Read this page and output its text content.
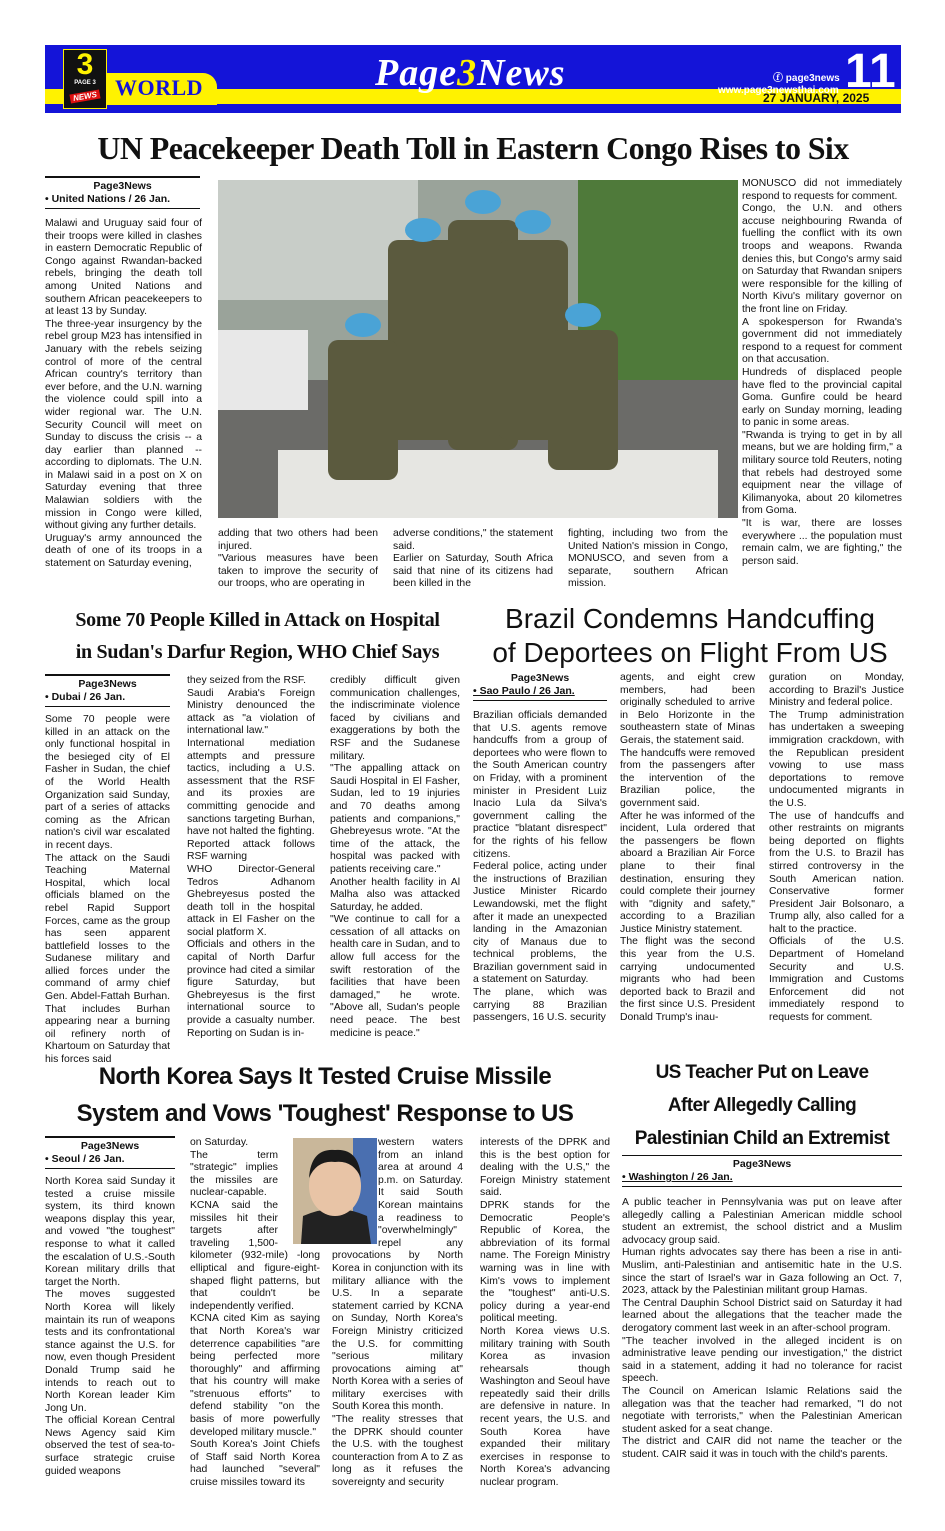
WORLD
3
PAGE 3
NEWS
Page3News	ⓕ page3news
www.page3newsthai.com 11
27 JANUARY, 2025
UN Peacekeeper Death Toll in Eastern Congo Rises to Six
Page3News
• United Nations / 26 Jan.

Malawi and Uruguay said four of their troops were killed in clashes in eastern Democratic Republic of Congo against Rwandan-backed rebels, bringing the death toll among United Nations and southern African peacekeepers to at least 13 by Sunday.

The three-year insurgency by the rebel group M23 has intensified in January with the rebels seizing control of more of the central African country's territory than ever before, and the U.N. warning the violence could spill into a wider regional war. The U.N. Security Council will meet on Sunday to discuss the crisis -- a day earlier than planned -- according to diplomats. The U.N. in Malawi said in a post on X on Saturday evening that three Malawian soldiers with the mission in Congo were killed, without giving any further details.

Uruguay's army announced the death of one of its troops in a statement on Saturday evening,

adding that two others had been injured.

"Various measures have been taken to improve the security of our troops, who are operating in

adverse conditions," the statement said.

Earlier on Saturday, South Africa said that nine of its citizens had been killed in the

fighting, including two from the United Nation's mission in Congo, MONUSCO, and seven from a separate, southern African mission.

MONUSCO did not immediately respond to requests for comment.

Congo, the U.N. and others accuse neighbouring Rwanda of fuelling the conflict with its own troops and weapons. Rwanda denies this, but Congo's army said on Saturday that Rwandan snipers were responsible for the killing of North Kivu's military governor on the front line on Friday.

A spokesperson for Rwanda's government did not immediately respond to a request for comment on that accusation.

Hundreds of displaced people have fled to the provincial capital Goma. Gunfire could be heard early on Sunday morning, leading to panic in some areas.

"Rwanda is trying to get in by all means, but we are holding firm," a military source told Reuters, noting that rebels had destroyed some equipment near the village of Kilimanyoka, about 20 kilometres from Goma.

"It is war, there are losses everywhere ... the population must remain calm, we are fighting," the person said.

Some 70 People Killed in Attack on Hospital
in Sudan's Darfur Region, WHO Chief Says
Page3News
• Dubai / 26 Jan.

Some 70 people were killed in an attack on the only functional hospital in the besieged city of El Fasher in Sudan, the chief of the World Health Organization said Sunday, part of a series of attacks coming as the African nation's civil war escalated in recent days.

The attack on the Saudi Teaching Maternal Hospital, which local officials blamed on the rebel Rapid Support Forces, came as the group has seen apparent battlefield losses to the Sudanese military and allied forces under the command of army chief Gen. Abdel-Fattah Burhan. That includes Burhan appearing near a burning oil refinery north of Khartoum on Saturday that his forces said

they seized from the RSF.

Saudi Arabia's Foreign Ministry denounced the attack as "a violation of international law."

International mediation attempts and pressure tactics, including a U.S. assessment that the RSF and its proxies are committing genocide and sanctions targeting Burhan, have not halted the fighting.

Reported attack follows RSF warning

WHO Director-General Tedros Adhanom Ghebreyesus posted the death toll in the hospital attack in El Fasher on the social platform X.

Officials and others in the capital of North Darfur province had cited a similar figure Saturday, but Ghebreyesus is the first international source to provide a casualty number. Reporting on Sudan is in-

credibly difficult given communication challenges, the indiscriminate violence faced by civilians and exaggerations by both the RSF and the Sudanese military.

"The appalling attack on Saudi Hospital in El Fasher, Sudan, led to 19 injuries and 70 deaths among patients and companions," Ghebreyesus wrote. "At the time of the attack, the hospital was packed with patients receiving care."

Another health facility in Al Malha also was attacked Saturday, he added.

"We continue to call for a cessation of all attacks on health care in Sudan, and to allow full access for the swift restoration of the facilities that have been damaged," he wrote. "Above all, Sudan's people need peace. The best medicine is peace."

Brazil Condemns Handcuffing
of Deportees on Flight From US
Page3News
• Sao Paulo / 26 Jan.

Brazilian officials demanded that U.S. agents remove handcuffs from a group of deportees who were flown to the South American country on Friday, with a prominent minister in President Luiz Inacio Lula da Silva's government calling the practice "blatant disrespect" for the rights of his fellow citizens.

Federal police, acting under the instructions of Brazilian Justice Minister Ricardo Lewandowski, met the flight after it made an unexpected landing in the Amazonian city of Manaus due to technical problems, the Brazilian government said in a statement on Saturday.

The plane, which was carrying 88 Brazilian passengers, 16 U.S. security

agents, and eight crew members, had been originally scheduled to arrive in Belo Horizonte in the southeastern state of Minas Gerais, the statement said.

The handcuffs were removed from the passengers after the intervention of the Brazilian police, the government said.

After he was informed of the incident, Lula ordered that the passengers be flown aboard a Brazilian Air Force plane to their final destination, ensuring they could complete their journey with "dignity and safety," according to a Brazilian Justice Ministry statement.

The flight was the second this year from the U.S. carrying undocumented migrants who had been deported back to Brazil and the first since U.S. President Donald Trump's inau-

guration on Monday, according to Brazil's Justice Ministry and federal police.

The Trump administration has undertaken a sweeping immigration crackdown, with the Republican president vowing to use mass deportations to remove undocumented migrants in the U.S.

The use of handcuffs and other restraints on migrants being deported on flights from the U.S. to Brazil has stirred controversy in the South American nation. Conservative former President Jair Bolsonaro, a Trump ally, also called for a halt to the practice.

Officials of the U.S. Department of Homeland Security and U.S. Immigration and Customs Enforcement did not immediately respond to requests for comment.

North Korea Says It Tested Cruise Missile
System and Vows 'Toughest' Response to US
Page3News
• Seoul / 26 Jan.

North Korea said Sunday it tested a cruise missile system, its third known weapons display this year, and vowed "the toughest" response to what it called the escalation of U.S.-South Korean military drills that target the North.

The moves suggested North Korea will likely maintain its run of weapons tests and its confrontational stance against the U.S. for now, even though President Donald Trump said he intends to reach out to North Korean leader Kim Jong Un.

The official Korean Central News Agency said Kim observed the test of sea-to-surface strategic cruise guided weapons

on Saturday.

The term "strategic" implies the missiles are nuclear-capable. KCNA said the missiles hit their targets after traveling 1,500-kilometer (932-mile) -long elliptical and figure-eight-shaped flight patterns, but that couldn't be independently verified.

KCNA cited Kim as saying that North Korea's war deterrence capabilities "are being perfected more thoroughly" and affirming that his country will make "strenuous efforts" to defend stability "on the basis of more powerfully developed military muscle."

South Korea's Joint Chiefs of Staff said North Korea had launched "several" cruise missiles toward its

western waters from an inland area at around 4 p.m. on Saturday. It said South Korean maintains a readiness to "overwhelmingly" repel any provocations by North Korea in conjunction with its military alliance with the U.S. In a separate statement carried by KCNA on Sunday, North Korea's Foreign Ministry criticized the U.S. for committing "serious military provocations aiming at" North Korea with a series of military exercises with South Korea this month.

"The reality stresses that the DPRK should counter the U.S. with the toughest counteraction from A to Z as long as it refuses the sovereignty and security

interests of the DPRK and this is the best option for dealing with the U.S," the Foreign Ministry statement said.

DPRK stands for the Democratic People's Republic of Korea, the abbreviation of its formal name. The Foreign Ministry warning was in line with Kim's vows to implement the "toughest" anti-U.S. policy during a year-end political meeting.

North Korea views U.S. military training with South Korea as invasion rehearsals though Washington and Seoul have repeatedly said their drills are defensive in nature. In recent years, the U.S. and South Korea have expanded their military exercises in response to North Korea's advancing nuclear program.

US Teacher Put on Leave
After Allegedly Calling
Palestinian Child an Extremist
Page3News
• Washington / 26 Jan.

A public teacher in Pennsylvania was put on leave after allegedly calling a Palestinian American middle school student an extremist, the school district and a Muslim advocacy group said.

Human rights advocates say there has been a rise in anti-Muslim, anti-Palestinian and antisemitic hate in the U.S. since the start of Israel's war in Gaza following an Oct. 7, 2023, attack by the Palestinian militant group Hamas.

The Central Dauphin School District said on Saturday it had learned about the allegations that the teacher made the derogatory comment last week in an after-school program.

"The teacher involved in the alleged incident is on administrative leave pending our investigation," the district said in a statement, adding it had no tolerance for racist speech.

The Council on American Islamic Relations said the allegation was that the teacher had remarked, "I do not negotiate with terrorists," when the Palestinian American student asked for a seat change.

The district and CAIR did not name the teacher or the student. CAIR said it was in touch with the child's parents.
